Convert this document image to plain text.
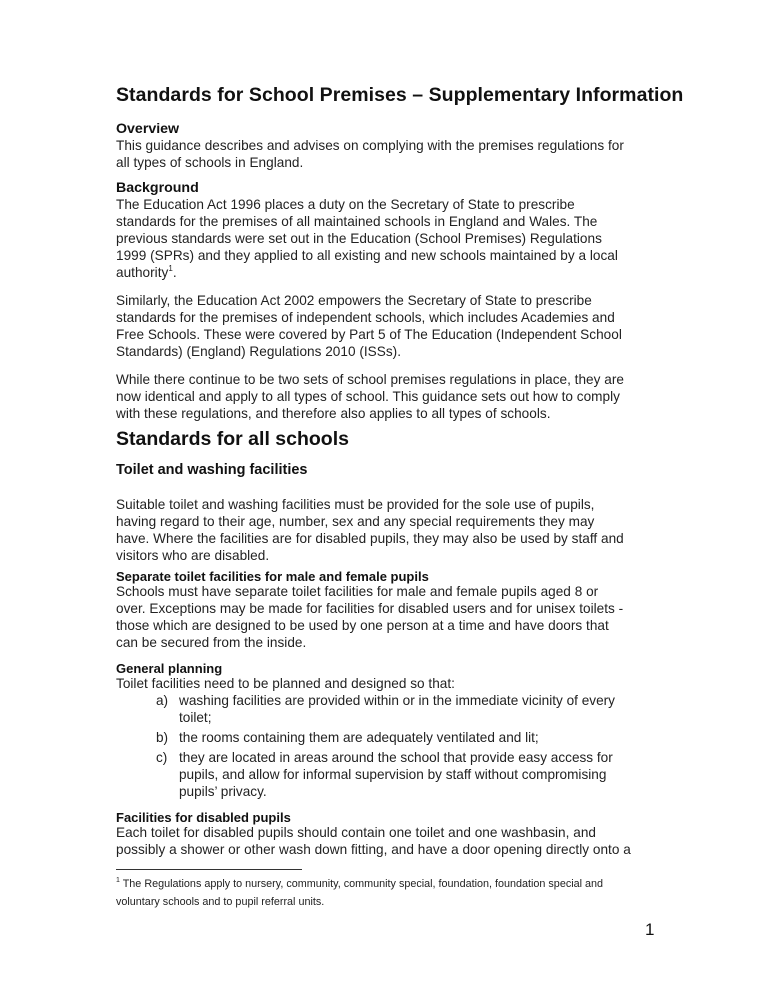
Standards for School Premises – Supplementary Information
Overview
This guidance describes and advises on complying with the premises regulations for
all types of schools in England.
Background
The Education Act 1996 places a duty on the Secretary of State to prescribe
standards for the premises of all maintained schools in England and Wales. The
previous standards were set out in the Education (School Premises) Regulations
1999 (SPRs) and they applied to all existing and new schools maintained by a local
authority$^1$.
Similarly, the Education Act 2002 empowers the Secretary of State to prescribe
standards for the premises of independent schools, which includes Academies and
Free Schools. These were covered by Part 5 of The Education (Independent School
Standards) (England) Regulations 2010 (ISSs).
While there continue to be two sets of school premises regulations in place, they are
now identical and apply to all types of school. This guidance sets out how to comply
with these regulations, and therefore also applies to all types of schools.
Standards for all schools
Toilet and washing facilities
Suitable toilet and washing facilities must be provided for the sole use of pupils,
having regard to their age, number, sex and any special requirements they may
have. Where the facilities are for disabled pupils, they may also be used by staff and
visitors who are disabled.
Separate toilet facilities for male and female pupils
Schools must have separate toilet facilities for male and female pupils aged 8 or
over. Exceptions may be made for facilities for disabled users and for unisex toilets -
those which are designed to be used by one person at a time and have doors that
can be secured from the inside.
General planning
Toilet facilities need to be planned and designed so that:
a) washing facilities are provided within or in the immediate vicinity of every
toilet;
b) the rooms containing them are adequately ventilated and lit;
c) they are located in areas around the school that provide easy access for
pupils, and allow for informal supervision by staff without compromising
pupils’ privacy.
Facilities for disabled pupils
Each toilet for disabled pupils should contain one toilet and one washbasin, and
possibly a shower or other wash down fitting, and have a door opening directly onto a
$^1$ The Regulations apply to nursery, community, community special, foundation, foundation special and
voluntary schools and to pupil referral units.
1
